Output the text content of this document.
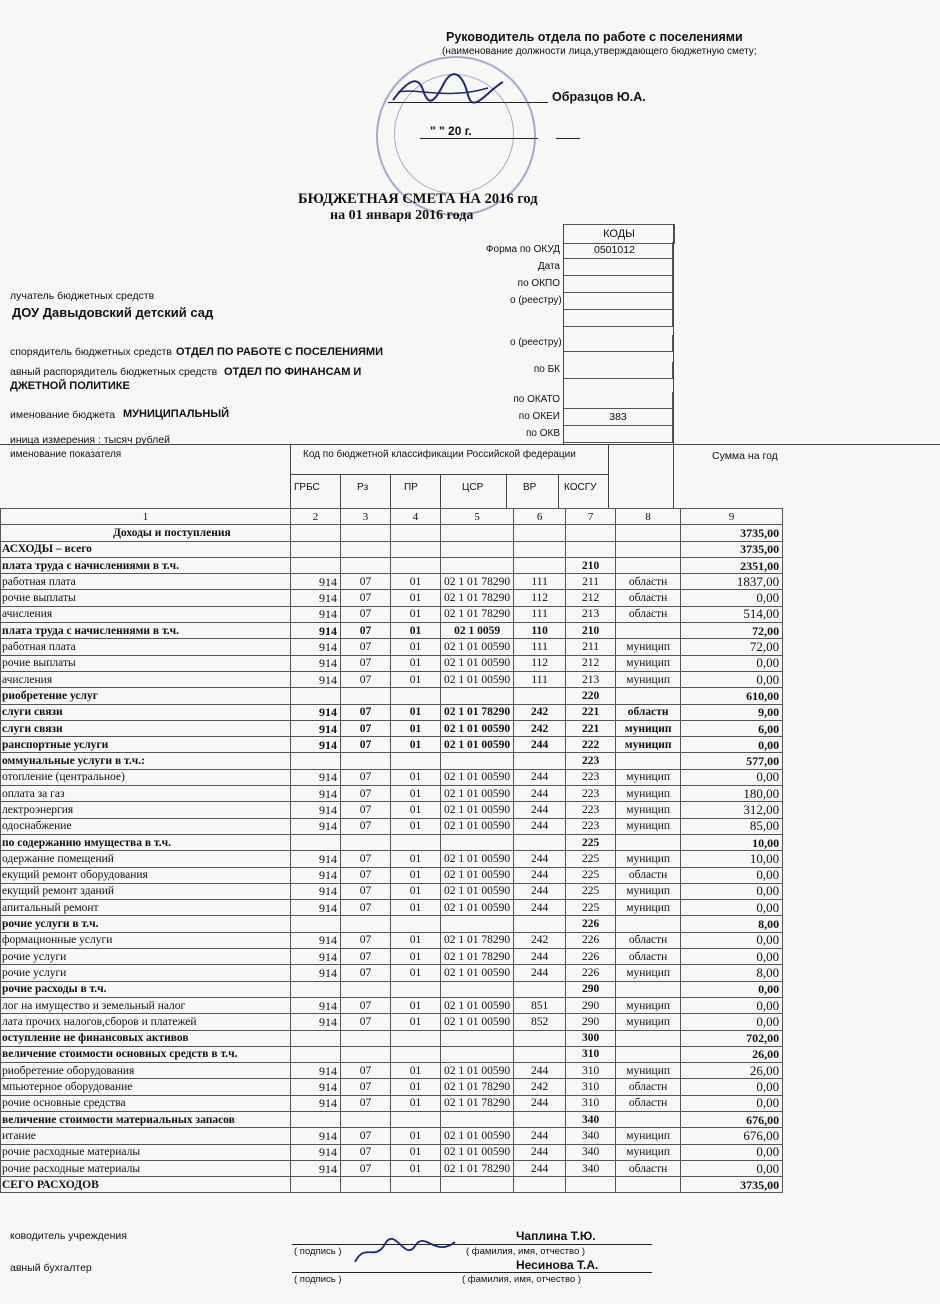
Руководитель отдела по работе с поселениями
(наименование должности лица,утверждающего бюджетную смету;
Образцов Ю.А.
" " 20 г.
БЮДЖЕТНАЯ СМЕТА НА 2016 год
на 01 января 2016 года
КОДЫ
Форма по ОКУД	0501012
Дата
по ОКПО
о (реестру)
о (реестру)
по БК
по ОКАТО
по ОКЕИ	383
по ОКВ
лучатель бюджетных средств
ДОУ Давыдовский детский сад
спорядитель бюджетных средств ОТДЕЛ ПО РАБОТЕ С ПОСЕЛЕНИЯМИ
авный распорядитель бюджетных средств ОТДЕЛ ПО ФИНАНСАМ И
ДЖЕТНОЙ ПОЛИТИКЕ
именование бюджета МУНИЦИПАЛЬНЫЙ
иница измерения : тысяч рублей
именование показателя	Код по бюджетной классификации Российской федерации	Сумма на год
ГРБС	Рз	ПР	ЦСР	ВР	КОСГУ
1	2	3	4	5	6	7	8	9
Доходы и поступления								3735,00
АСХОДЫ – всего								3735,00
плата труда с начислениями в т.ч.						210		2351,00
работная плата	914	07	01	02 1 01 78290	111	211	областн	1837,00
рочие выплаты	914	07	01	02 1 01 78290	112	212	областн	0,00
ачисления	914	07	01	02 1 01 78290	111	213	областн	514,00
плата труда с начислениями в т.ч.	914	07	01	02 1 0059	110	210		72,00
работная плата	914	07	01	02 1 01 00590	111	211	муницип	72,00
рочие выплаты	914	07	01	02 1 01 00590	112	212	муницип	0,00
ачисления	914	07	01	02 1 01 00590	111	213	муницип	0,00
риобретение услуг						220		610,00
слуги связи	914	07	01	02 1 01 78290	242	221	областн	9,00
слуги связи	914	07	01	02 1 01 00590	242	221	муницип	6,00
ранспортные услуги	914	07	01	02 1 01 00590	244	222	муницип	0,00
оммунальные услуги в т.ч.:						223		577,00
отопление (центральное)	914	07	01	02 1 01 00590	244	223	муницип	0,00
оплата за газ	914	07	01	02 1 01 00590	244	223	муницип	180,00
лектроэнергия	914	07	01	02 1 01 00590	244	223	муницип	312,00
одоснабжение	914	07	01	02 1 01 00590	244	223	муницип	85,00
по содержанию имущества в т.ч.						225		10,00
одержание помещений	914	07	01	02 1 01 00590	244	225	муницип	10,00
екущий ремонт оборудования	914	07	01	02 1 01 00590	244	225	областн	0,00
екущий ремонт зданий	914	07	01	02 1 01 00590	244	225	муницип	0,00
апитальный ремонт	914	07	01	02 1 01 00590	244	225	муницип	0,00
рочие услуги в т.ч.						226		8,00
формационные услуги	914	07	01	02 1 01 78290	242	226	областн	0,00
рочие услуги	914	07	01	02 1 01 78290	244	226	областн	0,00
рочие услуги	914	07	01	02 1 01 00590	244	226	муницип	8,00
рочие расходы в т.ч.						290		0,00
лог на имущество и земельный налог	914	07	01	02 1 01 00590	851	290	муницип	0,00
лата прочих налогов,сборов и платежей	914	07	01	02 1 01 00590	852	290	муницип	0,00
оступление не финансовых активов						300		702,00
величение стоимости основных средств в т.ч.						310		26,00
риобретение оборудования	914	07	01	02 1 01 00590	244	310	муницип	26,00
мпьютерное оборудование	914	07	01	02 1 01 78290	242	310	областн	0,00
рочие основные средства	914	07	01	02 1 01 78290	244	310	областн	0,00
величение стоимости материальных запасов						340		676,00
итание	914	07	01	02 1 01 00590	244	340	муницип	676,00
рочие расходные материалы	914	07	01	02 1 01 00590	244	340	муницип	0,00
рочие расходные материалы	914	07	01	02 1 01 78290	244	340	областн	0,00
СЕГО РАСХОДОВ								3735,00
ководитель учреждения	Чаплина Т.Ю.
( подпись )	( фамилия, имя, отчество )
авный бухгалтер	Несинова Т.А.
( подпись )	( фамилия, имя, отчество )
